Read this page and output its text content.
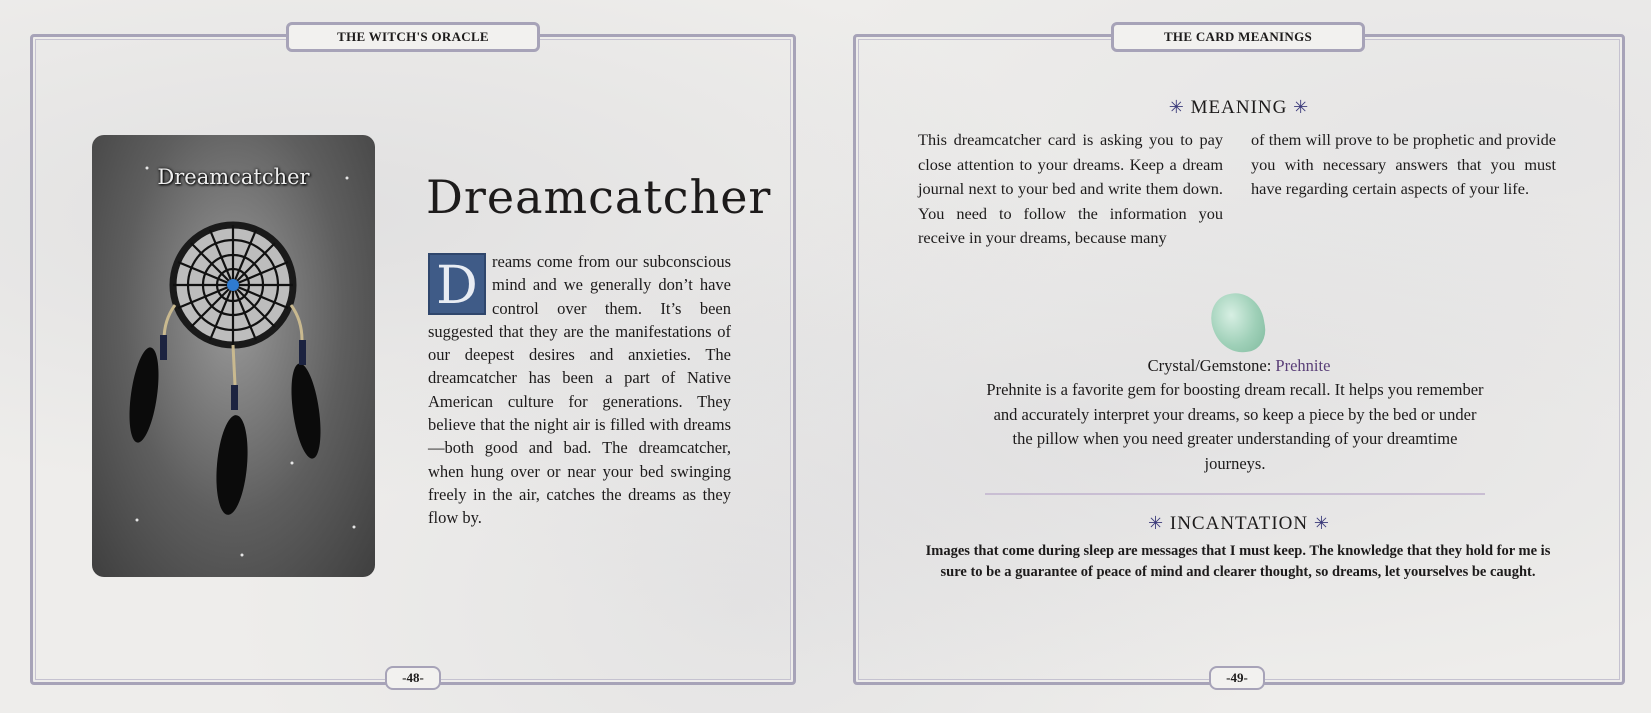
THE WITCH'S ORACLE
-48-
Dreamcatcher	Dreamcatcher
D reams come from our subconscious mind and we generally don’t have control over them. It’s been suggested that they are the manifestations of our deepest desires and anxieties. The dreamcatcher has been a part of Native American culture for generations. They believe that the night air is filled with dreams—both good and bad. The dreamcatcher, when hung over or near your bed swinging freely in the air, catches the dreams as they flow by.
THE CARD MEANINGS
-49-
✳ MEANING ✳
This dreamcatcher card is asking you to pay close attention to your dreams. Keep a dream journal next to your bed and write them down. You need to follow the information you receive in your dreams, because many
of them will prove to be prophetic and provide you with necessary answers that you must have regarding certain aspects of your life.
Crystal/Gemstone: Prehnite
Prehnite is a favorite gem for boosting dream recall. It helps you remember and accurately interpret your dreams, so keep a piece by the bed or under the pillow when you need greater understanding of your dreamtime journeys.
✳ INCANTATION ✳
Images that come during sleep are messages that I must keep. The knowledge that they hold for me is sure to be a guarantee of peace of mind and clearer thought, so dreams, let yourselves be caught.
